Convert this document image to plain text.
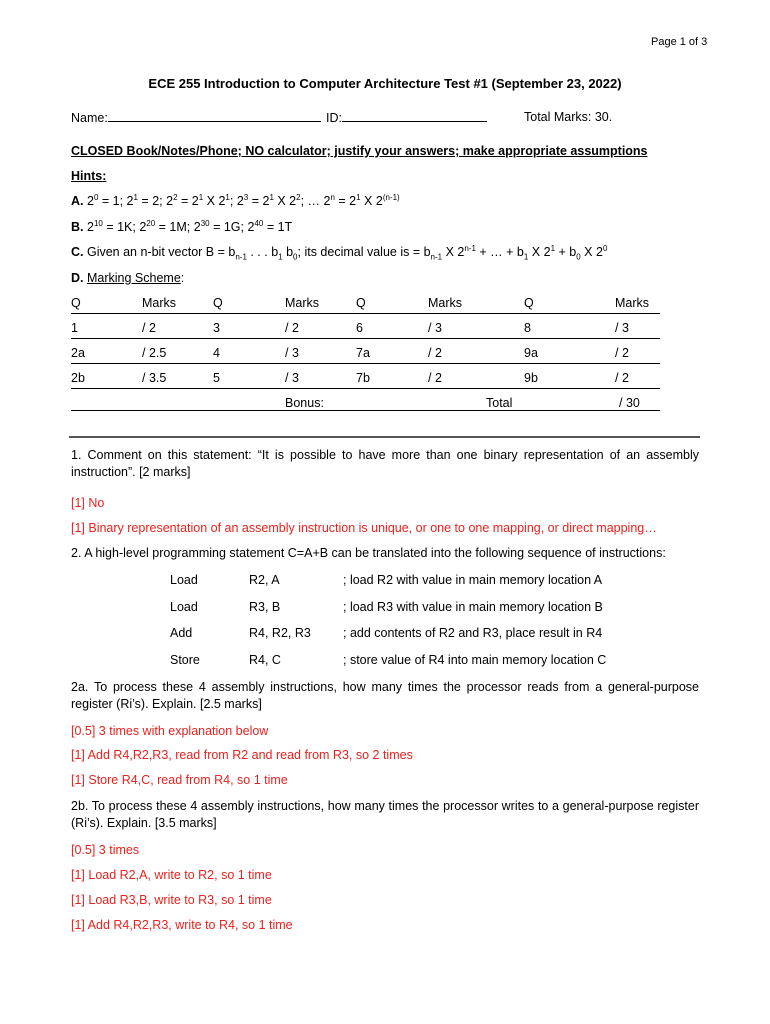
Page 1 of 3
ECE 255 Introduction to Computer Architecture Test #1 (September 23, 2022)
Name:	ID:	Total Marks: 30.
CLOSED Book/Notes/Phone; NO calculator; justify your answers; make appropriate assumptions
Hints:
A. $2^0 = 1$; $2^1 = 2$; $2^2 = 2^1$ X $2^1$; $2^3 = 2^1$ X $2^2$; … $2^n = 2^1$ X 2$^{(n-1)}$
B. $2^{10} = 1K$; $2^{20} = 1M$; $2^{30} = 1G$; $2^{40} = 1T$
C. Given an n-bit vector $B = b_{n-1}$ . . . $b_1$ $b_0$; its decimal value is = $b_{n-1}$ X $2^{n-1}$ + … + $b_1$ X $2^1 + b_0$ X $2^0$
D. Marking Scheme:
Q	Marks	Q	Marks	Q	Marks	Q	Marks
1	/ 2	3	/ 2	6	/ 3	8	/ 3
2a	/ 2.5	4	/ 3	7a	/ 2	9a	/ 2
2b	/ 3.5	5	/ 3	7b	/ 2	9b	/ 2
Bonus:	Total	/ 30
1. Comment on this statement: “It is possible to have more than one binary representation of an assembly instruction”. [2 marks]
[1] No
[1] Binary representation of an assembly instruction is unique, or one to one mapping, or direct mapping…
2. A high-level programming statement C=A+B can be translated into the following sequence of instructions:
Load	R2, A	; load R2 with value in main memory location A
Load	R3, B	; load R3 with value in main memory location B
Add	R4, R2, R3	; add contents of R2 and R3, place result in R4
Store	R4, C	; store value of R4 into main memory location C
2a. To process these 4 assembly instructions, how many times the processor reads from a general-purpose register (Ri’s). Explain. [2.5 marks]
[0.5] 3 times with explanation below
[1] Add R4,R2,R3, read from R2 and read from R3, so 2 times
[1] Store R4,C, read from R4, so 1 time
2b. To process these 4 assembly instructions, how many times the processor writes to a general-purpose register (Ri’s). Explain. [3.5 marks]
[0.5] 3 times
[1] Load R2,A, write to R2, so 1 time
[1] Load R3,B, write to R3, so 1 time
[1] Add R4,R2,R3, write to R4, so 1 time
